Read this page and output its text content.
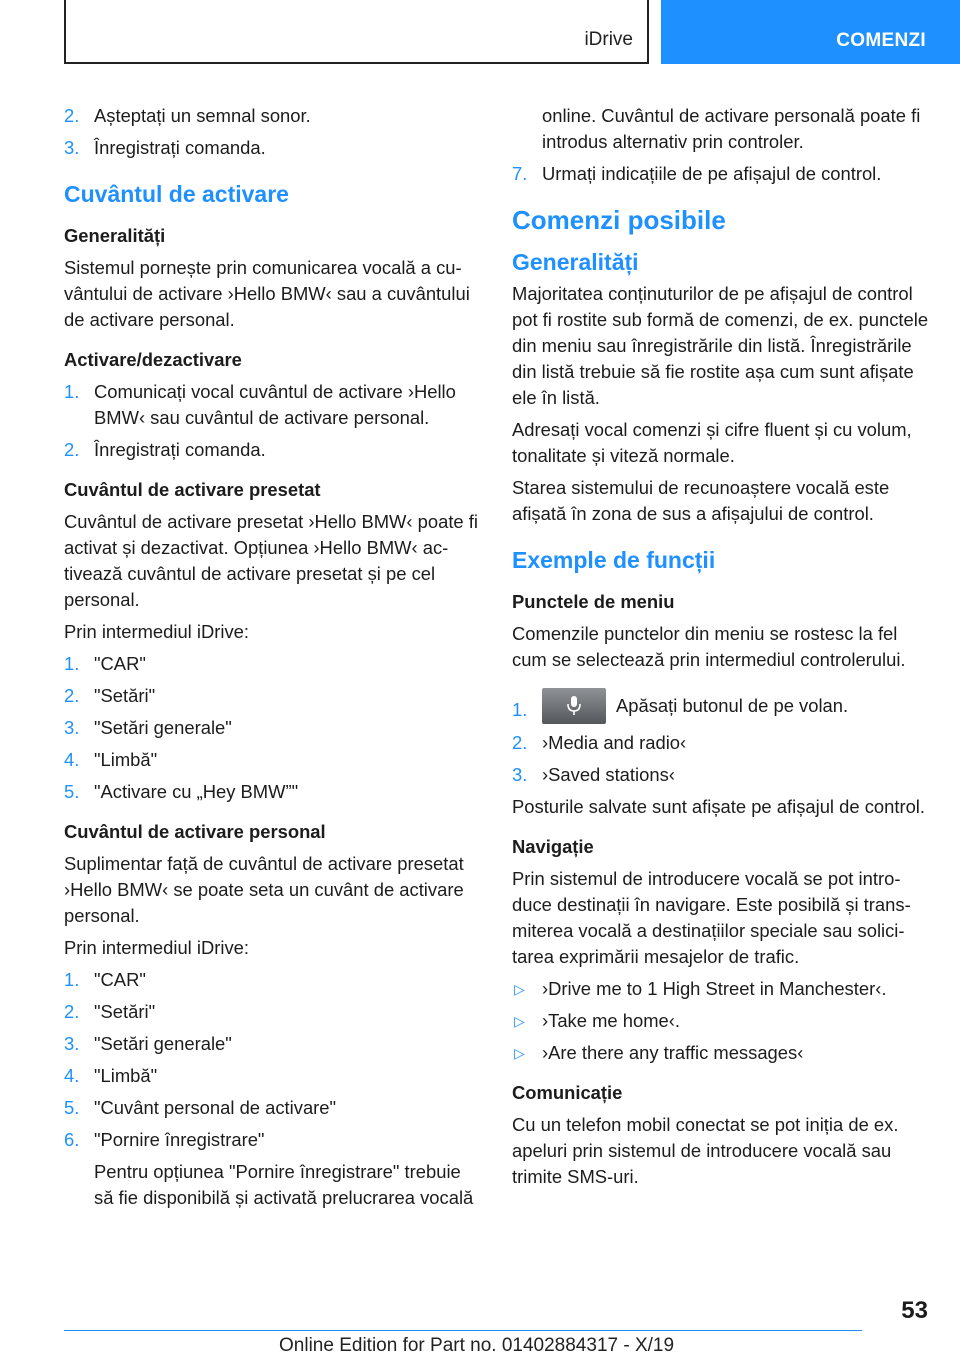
iDrive	COMENZI
2. Așteptați un semnal sonor.
3. Înregistrați comanda.
Cuvântul de activare
Generalități

Sistemul pornește prin comunicarea vocală a cuvântului de activare ›Hello BMW‹ sau a cuvântului de activare personal.

Activare/dezactivare
1. Comunicați vocal cuvântul de activare ›Hello BMW‹ sau cuvântul de activare personal.
2. Înregistrați comanda.
Cuvântul de activare presetat

Cuvântul de activare presetat ›Hello BMW‹ poate fi activat și dezactivat. Opțiunea ›Hello BMW‹ activează cuvântul de activare presetat și pe cel personal.

Prin intermediul iDrive:

1. "CAR"
2. "Setări"
3. "Setări generale"
4. "Limbă"
5. "Activare cu „Hey BMW”"
Cuvântul de activare personal

Suplimentar față de cuvântul de activare presetat ›Hello BMW‹ se poate seta un cuvânt de activare personal.

Prin intermediul iDrive:

1. "CAR"
2. "Setări"
3. "Setări generale"
4. "Limbă"
5. "Cuvânt personal de activare"
6. "Pornire înregistrare"
Pentru opțiunea "Pornire înregistrare" trebuie să fie disponibilă și activată prelucrarea vocală
online. Cuvântul de activare personală poate fi introdus alternativ prin controler.
7. Urmați indicațiile de pe afișajul de control.
Comenzi posibile
Generalități

Majoritatea conținuturilor de pe afișajul de control pot fi rostite sub formă de comenzi, de ex. punctele din meniu sau înregistrările din listă. Înregistrările din listă trebuie să fie rostite așa cum sunt afișate ele în listă.

Adresați vocal comenzi și cifre fluent și cu volum, tonalitate și viteză normale.

Starea sistemului de recunoaștere vocală este afișată în zona de sus a afișajului de control.

Exemple de funcții
Punctele de meniu

Comenzile punctelor din meniu se rostesc la fel cum se selectează prin intermediul controlerului.

1.	Apăsați butonul de pe volan.
2. ›Media and radio‹
3. ›Saved stations‹

Posturile salvate sunt afișate pe afișajul de control.

Navigație

Prin sistemul de introducere vocală se pot introduce destinații în navigare. Este posibilă și transmiterea vocală a destinațiilor speciale sau solicitarea exprimării mesajelor de trafic.

▷ ›Drive me to 1 High Street in Manchester‹.
▷ ›Take me home‹.
▷ ›Are there any traffic messages‹
Comunicație

Cu un telefon mobil conectat se pot iniția de ex. apeluri prin sistemul de introducere vocală sau trimite SMS-uri.

53
Online Edition for Part no. 01402884317 - X/19
